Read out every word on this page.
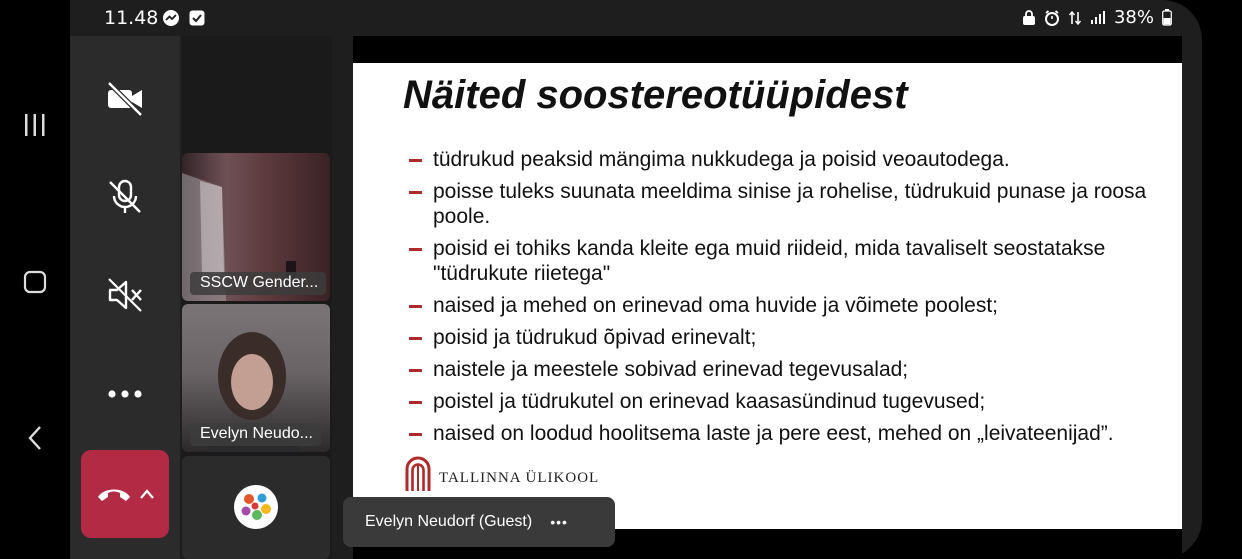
11.48	38%
SSCW Gender...
Evelyn Neudo...
Näited soostereotüüpidest
tüdrukud peaksid mängima nukkudega ja poisid veoautodega.
poisse tuleks suunata meeldima sinise ja rohelise, tüdrukuid punase ja roosa poole.
poisid ei tohiks kanda kleite ega muid riideid, mida tavaliselt seostatakse "tüdrukute riietega"
naised ja mehed on erinevad oma huvide ja võimete poolest;
poisid ja tüdrukud õpivad erinevalt;
naistele ja meestele sobivad erinevad tegevusalad;
poistel ja tüdrukutel on erinevad kaasasündinud tugevused;
naised on loodud hoolitsema laste ja pere eest, mehed on „leivateenijad”.
TALLINNA ÜLIKOOL
Evelyn Neudorf (Guest) •••
